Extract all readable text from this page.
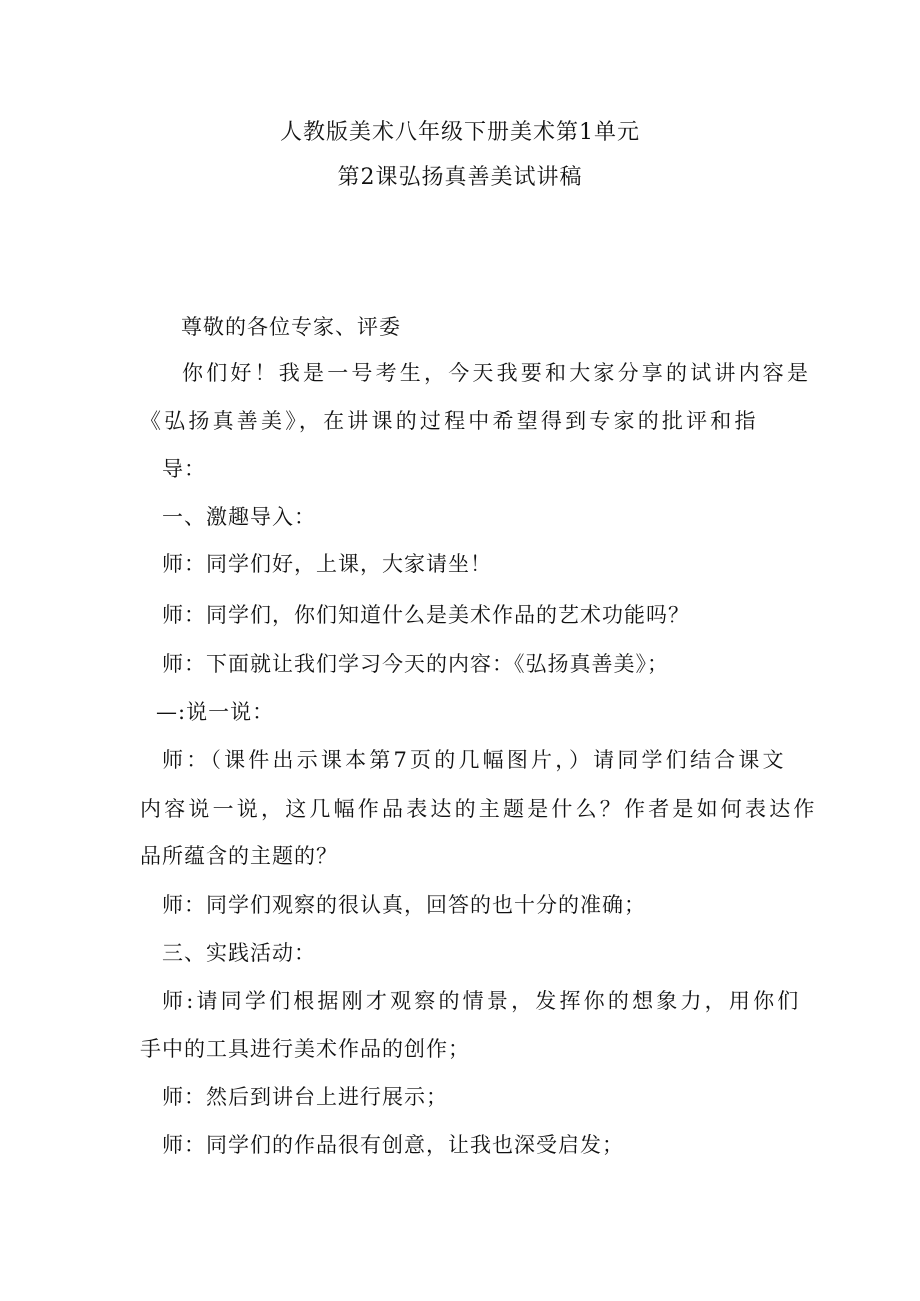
人教版美术八年级下册美术第1单元
第2课弘扬真善美试讲稿
尊敬的各位专家、评委
你们好！我是一号考生，今天我要和大家分享的试讲内容是
《弘扬真善美》，在讲课的过程中希望得到专家的批评和指
导：
一、激趣导入：
师：同学们好，上课，大家请坐！
师：同学们，你们知道什么是美术作品的艺术功能吗？
师：下面就让我们学习今天的内容：《弘扬真善美》；
—:说一说：
师：（课件出示课本第7页的几幅图片，）请同学们结合课文
内容说一说，这几幅作品表达的主题是什么？作者是如何表达作
品所蕴含的主题的？
师：同学们观察的很认真，回答的也十分的准确；
三、实践活动：
师:请同学们根据刚才观察的情景，发挥你的想象力，用你们
手中的工具进行美术作品的创作；
师：然后到讲台上进行展示；
师：同学们的作品很有创意，让我也深受启发；
